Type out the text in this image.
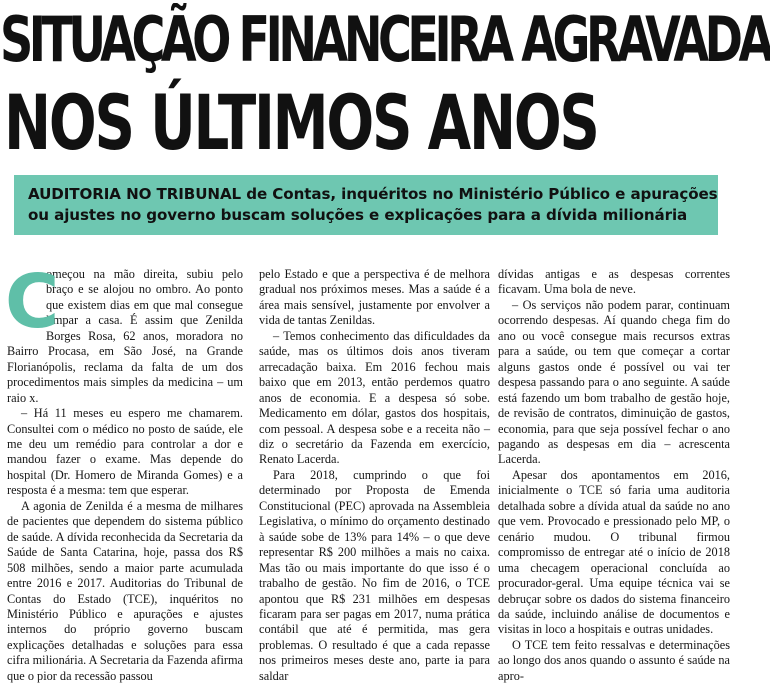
SITUAÇÃO FINANCEIRA AGRAVADA
NOS ÚLTIMOS ANOS

AUDITORIA NO TRIBUNAL de Contas, inquéritos no Ministério Público e apurações
ou ajustes no governo buscam soluções e explicações para a dívida milionária

C
omeçou na mão direita, subiu pelo braço e se alojou no ombro. Ao ponto que existem dias em que mal consegue limpar a casa. É assim que Zenilda Borges Rosa, 62 anos, moradora no Bairro Procasa, em São José, na Grande Florianópolis, reclama da falta de um dos procedimentos mais simples da medicina – um raio x.

– Há 11 meses eu espero me chamarem. Consultei com o médico no posto de saúde, ele me deu um remédio para controlar a dor e mandou fazer o exame. Mas depende do hospital (Dr. Homero de Miranda Gomes) e a resposta é a mesma: tem que esperar.

A agonia de Zenilda é a mesma de milhares de pacientes que dependem do sistema público de saúde. A dívida reconhecida da Secretaria da Saúde de Santa Catarina, hoje, passa dos R$ 508 milhões, sendo a maior parte acumulada entre 2016 e 2017. Auditorias do Tribunal de Contas do Estado (TCE), inquéritos no Ministério Público e apurações e ajustes internos do próprio governo buscam explicações detalhadas e soluções para essa cifra milionária. A Secretaria da Fazenda afirma que o pior da recessão passou

pelo Estado e que a perspectiva é de melhora gradual nos próximos meses. Mas a saúde é a área mais sensível, justamente por envolver a vida de tantas Zenildas.

– Temos conhecimento das dificuldades da saúde, mas os últimos dois anos tiveram arrecadação baixa. Em 2016 fechou mais baixo que em 2013, então perdemos quatro anos de economia. E a despesa só sobe. Medicamento em dólar, gastos dos hospitais, com pessoal. A despesa sobe e a receita não – diz o secretário da Fazenda em exercício, Renato Lacerda.

Para 2018, cumprindo o que foi determinado por Proposta de Emenda Constitucional (PEC) aprovada na Assembleia Legislativa, o mínimo do orçamento destinado à saúde sobe de 13% para 14% – o que deve representar R$ 200 milhões a mais no caixa. Mas tão ou mais importante do que isso é o trabalho de gestão. No fim de 2016, o TCE apontou que R$ 231 milhões em despesas ficaram para ser pagas em 2017, numa prática contábil que até é permitida, mas gera problemas. O resultado é que a cada repasse nos primeiros meses deste ano, parte ia para saldar

dívidas antigas e as despesas correntes ficavam. Uma bola de neve.

– Os serviços não podem parar, continuam ocorrendo despesas. Aí quando chega fim do ano ou você consegue mais recursos extras para a saúde, ou tem que começar a cortar alguns gastos onde é possível ou vai ter despesa passando para o ano seguinte. A saúde está fazendo um bom trabalho de gestão hoje, de revisão de contratos, diminuição de gastos, economia, para que seja possível fechar o ano pagando as despesas em dia – acrescenta Lacerda.

Apesar dos apontamentos em 2016, inicialmente o TCE só faria uma auditoria detalhada sobre a dívida atual da saúde no ano que vem. Provocado e pressionado pelo MP, o cenário mudou. O tribunal firmou compromisso de entregar até o início de 2018 uma checagem operacional concluída ao procurador-geral. Uma equipe técnica vai se debruçar sobre os dados do sistema financeiro da saúde, incluindo análise de documentos e visitas in loco a hospitais e outras unidades.

O TCE tem feito ressalvas e determinações ao longo dos anos quando o assunto é saúde na apro-
